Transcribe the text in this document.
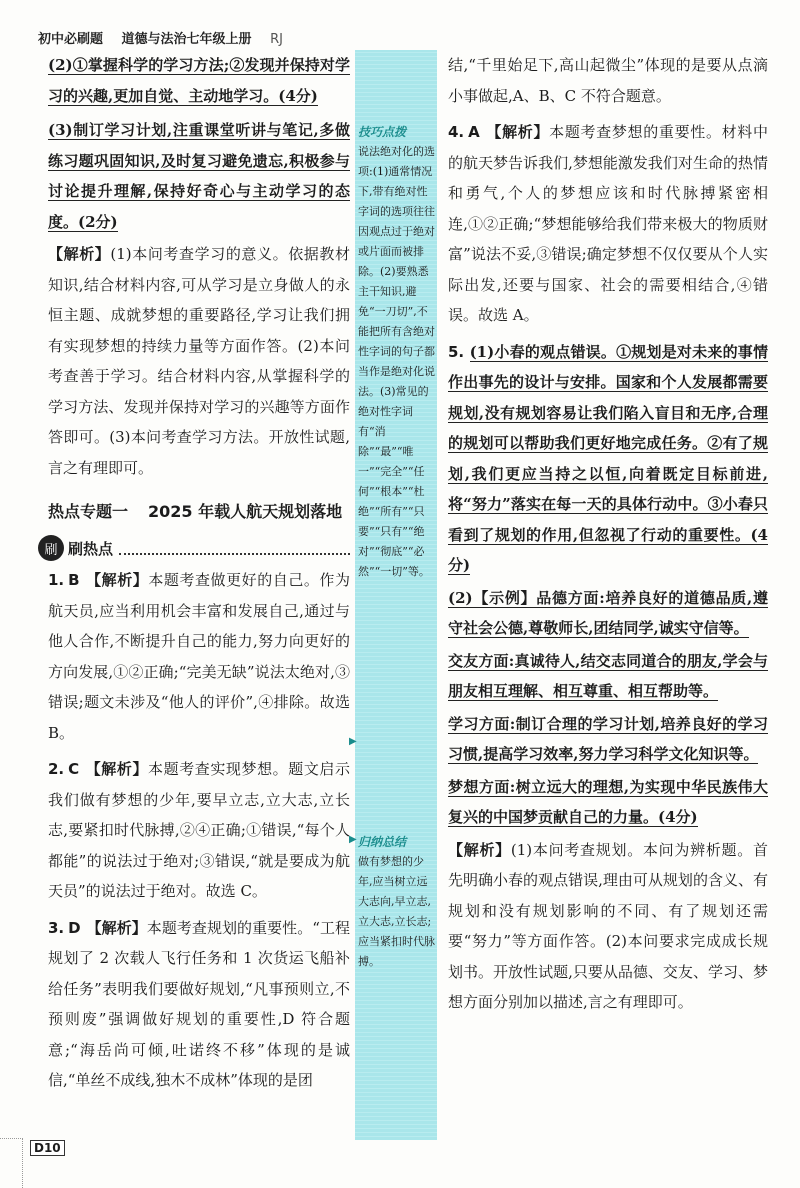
初中必刷题 道德与法治七年级上册 RJ

(2)①掌握科学的学习方法;②发现并保持对学习的兴趣,更加自觉、主动地学习。(4分)

(3)制订学习计划,注重课堂听讲与笔记,多做练习题巩固知识,及时复习避免遗忘,积极参与讨论提升理解,保持好奇心与主动学习的态度。(2分)

【解析】(1)本问考查学习的意义。依据教材知识,结合材料内容,可从学习是立身做人的永恒主题、成就梦想的重要路径,学习让我们拥有实现梦想的持续力量等方面作答。(2)本问考查善于学习。结合材料内容,从掌握科学的学习方法、发现并保持对学习的兴趣等方面作答即可。(3)本问考查学习方法。开放性试题,言之有理即可。

热点专题一 2025 年载人航天规划落地
刷 刷热点

1. B 【解析】本题考查做更好的自己。作为航天员,应当利用机会丰富和发展自己,通过与他人合作,不断提升自己的能力,努力向更好的方向发展,①②正确;“完美无缺”说法太绝对,③错误;题文未涉及“他人的评价”,④排除。故选 B。

2. C 【解析】本题考查实现梦想。题文启示我们做有梦想的少年,要早立志,立大志,立长志,要紧扣时代脉搏,②④正确;①错误,“每个人都能”的说法过于绝对;③错误,“就是要成为航天员”的说法过于绝对。故选 C。

3. D 【解析】本题考查规划的重要性。“工程规划了 2 次载人飞行任务和 1 次货运飞船补给任务”表明我们要做好规划,“凡事预则立,不预则废”强调做好规划的重要性,D 符合题意;“海岳尚可倾,吐诺终不移”体现的是诚信,“单丝不成线,独木不成林”体现的是团

技巧点拨
说法绝对化的选项:(1)通常情况下,带有绝对性字词的选项往往因观点过于绝对或片面而被排除。(2)要熟悉主干知识,避免“一刀切”,不能把所有含绝对性字词的句子都当作是绝对化说法。(3)常见的绝对性字词有“消除”“最”“唯一”“完全”“任何”“根本”“杜绝”“所有”“只要”“只有”“绝对”“彻底”“必然”“一切”等。
▶
▶ 归纳总结
做有梦想的少年,应当树立远大志向,早立志,立大志,立长志;应当紧扣时代脉搏。

结,“千里始足下,高山起微尘”体现的是要从点滴小事做起,A、B、C 不符合题意。

4. A 【解析】本题考查梦想的重要性。材料中的航天梦告诉我们,梦想能激发我们对生命的热情和勇气,个人的梦想应该和时代脉搏紧密相连,①②正确;“梦想能够给我们带来极大的物质财富”说法不妥,③错误;确定梦想不仅仅要从个人实际出发,还要与国家、社会的需要相结合,④错误。故选 A。

5. (1)小春的观点错误。①规划是对未来的事情作出事先的设计与安排。国家和个人发展都需要规划,没有规划容易让我们陷入盲目和无序,合理的规划可以帮助我们更好地完成任务。②有了规划,我们更应当持之以恒,向着既定目标前进,将“努力”落实在每一天的具体行动中。③小春只看到了规划的作用,但忽视了行动的重要性。(4分)

(2)【示例】品德方面:培养良好的道德品质,遵守社会公德,尊敬师长,团结同学,诚实守信等。

交友方面:真诚待人,结交志同道合的朋友,学会与朋友相互理解、相互尊重、相互帮助等。

学习方面:制订合理的学习计划,培养良好的学习习惯,提高学习效率,努力学习科学文化知识等。

梦想方面:树立远大的理想,为实现中华民族伟大复兴的中国梦贡献自己的力量。(4分)

【解析】(1)本问考查规划。本问为辨析题。首先明确小春的观点错误,理由可从规划的含义、有规划和没有规划影响的不同、有了规划还需要“努力”等方面作答。(2)本问要求完成成长规划书。开放性试题,只要从品德、交友、学习、梦想方面分别加以描述,言之有理即可。

D10
